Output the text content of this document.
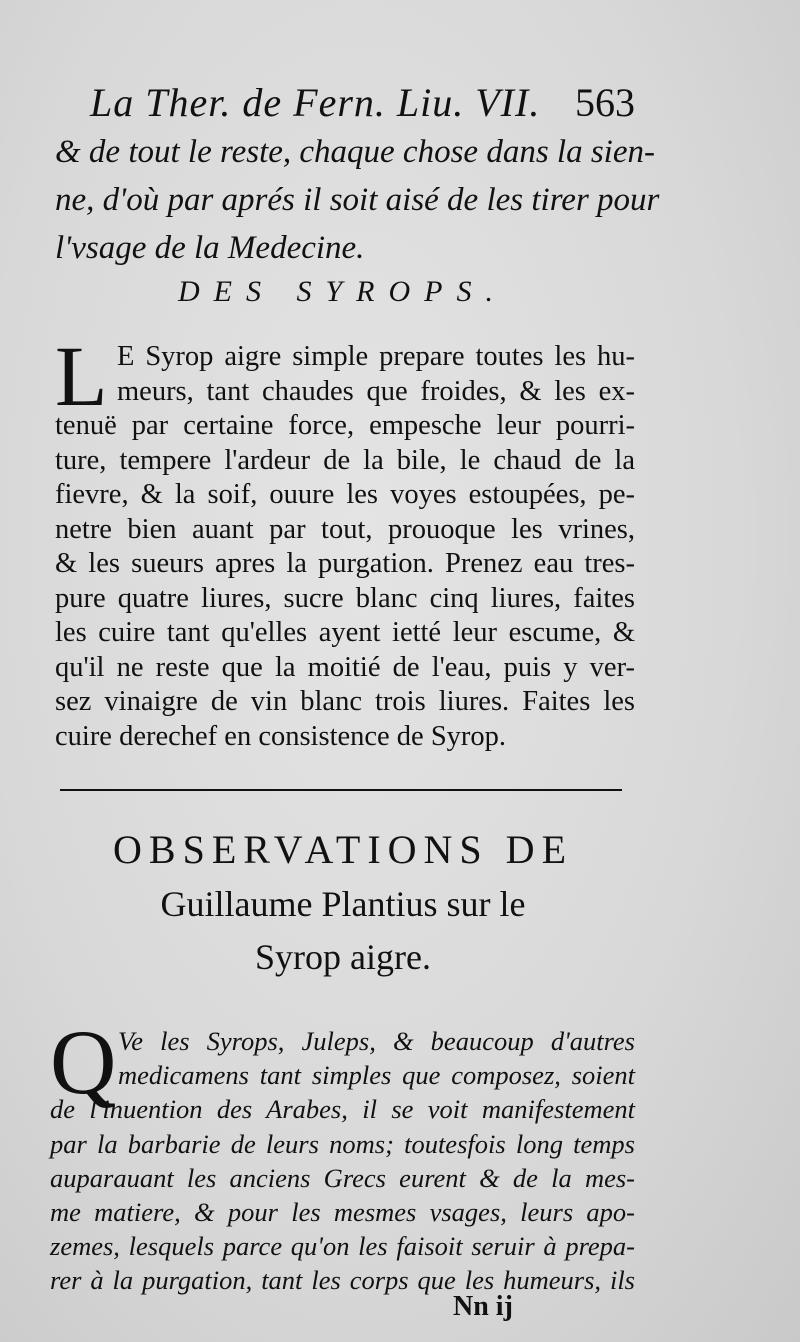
La Ther. de Fern. Liu. VII. 563
& de tout le reste, chaque chose dans la sien-
ne, d'où par aprés il soit aisé de les tirer pour
l'vsage de la Medecine.
DES SYROPS.
L E Syrop aigre simple prepare toutes les hu-
meurs, tant chaudes que froides, & les ex-
tenuë par certaine force, empesche leur pourri-
ture, tempere l'ardeur de la bile, le chaud de la
fievre, & la soif, ouure les voyes estoupées, pe-
netre bien auant par tout, prouoque les vrines,
& les sueurs apres la purgation. Prenez eau tres-
pure quatre liures, sucre blanc cinq liures, faites
les cuire tant qu'elles ayent ietté leur escume, &
qu'il ne reste que la moitié de l'eau, puis y ver-
sez vinaigre de vin blanc trois liures. Faites les
cuire derechef en consistence de Syrop.
OBSERVATIONS DE
Guillaume Plantius sur le
Syrop aigre.
Q Ve les Syrops, Juleps, & beaucoup d'autres
medicamens tant simples que composez, soient
de l'inuention des Arabes, il se voit manifestement
par la barbarie de leurs noms; toutesfois long temps
auparauant les anciens Grecs eurent & de la mes-
me matiere, & pour les mesmes vsages, leurs apo-
zemes, lesquels parce qu'on les faisoit seruir à prepa-
rer à la purgation, tant les corps que les humeurs, ils
Nn ij
